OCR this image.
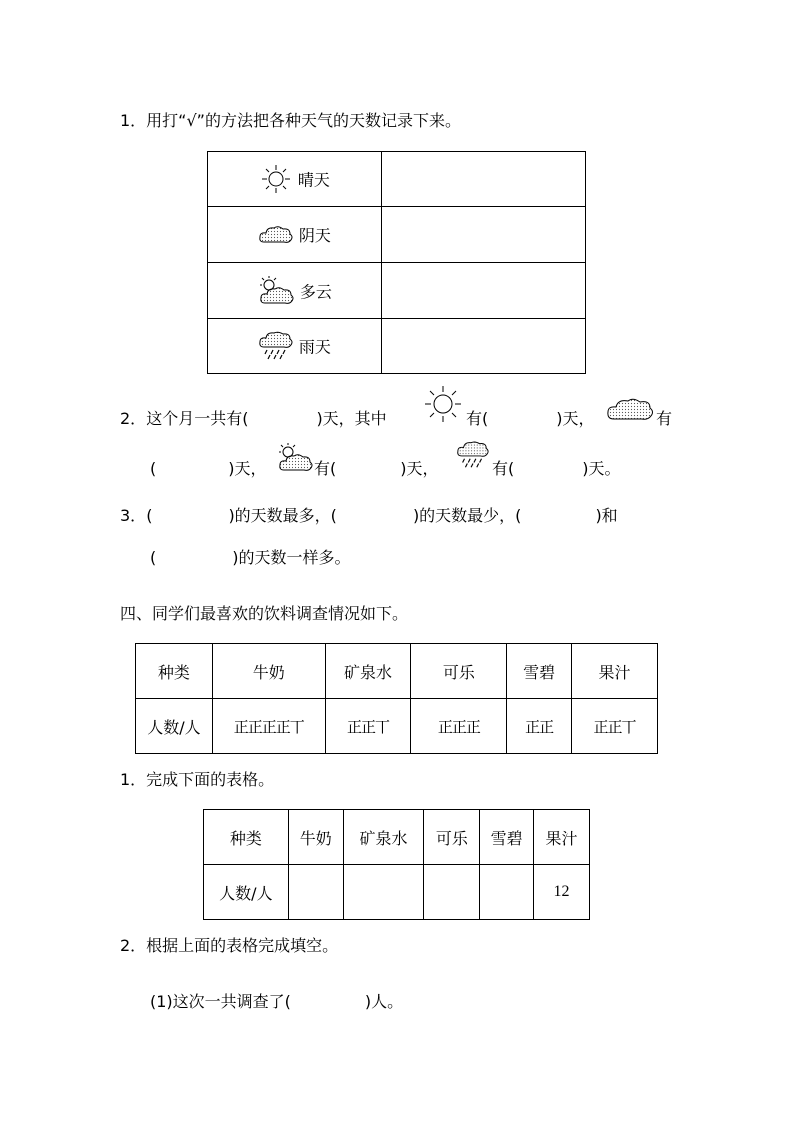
1．用打“√”的方法把各种天气的天数记录下来。
晴天	
阴天	
多云	
雨天	
2．这个月一共有(	)天，其中	有(	)天，	有
(	)天，	有(	)天，	有(	)天。
3．(	)的天数最多，(	)的天数最少，(	)和
(	)的天数一样多。
四、同学们最喜欢的饮料调查情况如下。
种类	牛奶	矿泉水	可乐	雪碧	果汁
人数/人	正正正正丅	正正丅	正正正	正正	正正丅
1．完成下面的表格。
种类	牛奶	矿泉水	可乐	雪碧	果汁
人数/人					12
2．根据上面的表格完成填空。
(1)这次一共调查了(	)人。
